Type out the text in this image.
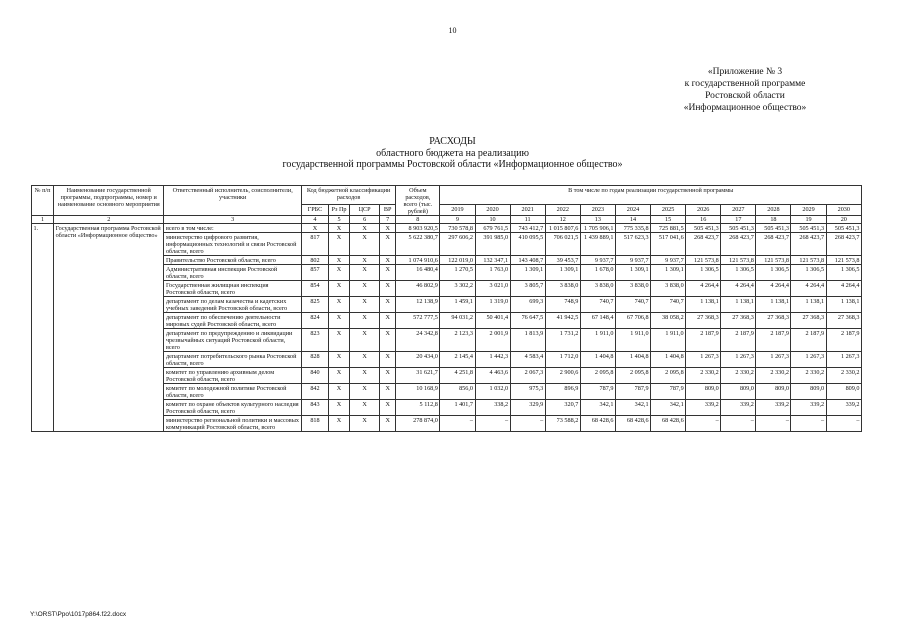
10
«Приложение № 3
к государственной программе
Ростовской области
«Информационное общество»
РАСХОДЫ
областного бюджета на реализацию
государственной программы Ростовской области «Информационное общество»
№ п/п	Наименование государственной программы, подпрограммы, номер и наименование основного мероприятия	Ответственный исполнитель, соисполнители, участники	Код бюджетной классификации расходов				Объем расходов, всего (тыс. рублей)	В том числе по годам реализации государственной программы											
			ГРБС	Рз Пр	ЦСР	ВР		2019	2020	2021	2022	2023	2024	2025	2026	2027	2028	2029	2030
1	2	3	4	5	6	7	8	9	10	11	12	13	14	15	16	17	18	19	20
1.	Государственная программа Ростовской области «Информационное общество»	всего в том числе:	X	X	X	X	8 903 920,5	730 578,8	679 761,5	743 412,7	1 015 807,6	1 705 906,1	775 335,8	725 881,5	505 451,3	505 451,3	505 451,3	505 451,3	505 451,3
		министерство цифрового развития, информационных технологий и связи Ростовской области, всего	817	X	X	X	5 622 380,7	297 606,2	391 985,0	410 095,5	706 021,5	1 439 889,1	517 623,3	517 041,6	268 423,7	268 423,7	268 423,7	268 423,7	268 423,7
		Правительство Ростовской области, всего	802	X	X	X	1 074 910,6	122 019,0	132 347,1	143 408,7	39 453,7	9 937,7	9 937,7	9 937,7	121 573,8	121 573,8	121 573,8	121 573,8	121 573,8
		Административная инспекция Ростовской области, всего	857	X	X	X	16 480,4	1 270,5	1 763,0	1 309,1	1 309,1	1 678,0	1 309,1	1 309,1	1 306,5	1 306,5	1 306,5	1 306,5	1 306,5
		Государственная жилищная инспекция Ростовской области, всего	854	X	X	X	46 802,9	3 302,2	3 021,0	3 805,7	3 838,0	3 838,0	3 838,0	3 838,0	4 264,4	4 264,4	4 264,4	4 264,4	4 264,4
		департамент по делам казачества и кадетских учебных заведений Ростовской области, всего	825	X	X	X	12 138,9	1 459,1	1 319,0	699,3	748,9	740,7	740,7	740,7	1 138,1	1 138,1	1 138,1	1 138,1	1 138,1
		департамент по обеспечению деятельности мировых судей Ростовской области, всего	824	X	X	X	572 777,5	94 031,2	50 401,4	76 647,5	41 942,5	67 148,4	67 706,8	38 058,2	27 368,3	27 368,3	27 368,3	27 368,3	27 368,3
		департамент по предупреждению и ликвидации чрезвычайных ситуаций Ростовской области, всего	823	X	X	X	24 342,8	2 123,3	2 001,9	1 813,9	1 731,2	1 911,0	1 911,0	1 911,0	2 187,9	2 187,9	2 187,9	2 187,9	2 187,9
		департамент потребительского рынка Ростовской области, всего	828	X	X	X	20 434,0	2 145,4	1 442,3	4 583,4	1 712,0	1 404,8	1 404,8	1 404,8	1 267,3	1 267,3	1 267,3	1 267,3	1 267,3
		комитет по управлению архивным делом Ростовской области, всего	840	X	X	X	31 621,7	4 251,8	4 463,6	2 067,3	2 900,6	2 095,8	2 095,8	2 095,8	2 330,2	2 330,2	2 330,2	2 330,2	2 330,2
		комитет по молодежной политике Ростовской области, всего	842	X	X	X	10 168,9	856,0	1 032,0	975,3	896,9	787,9	787,9	787,9	809,0	809,0	809,0	809,0	809,0
		комитет по охране объектов культурного наследия Ростовской области, всего	843	X	X	X	5 112,8	1 401,7	338,2	329,9	320,7	342,1	342,1	342,1	339,2	339,2	339,2	339,2	339,2
		министерство региональной политики и массовых коммуникаций Ростовской области, всего	818	X	X	X	278 874,0	–	–	–	73 588,2	68 428,6	68 428,6	68 428,6	–	–	–	–	–
Y:\ORST\Ppo\1017p864.f22.docx
